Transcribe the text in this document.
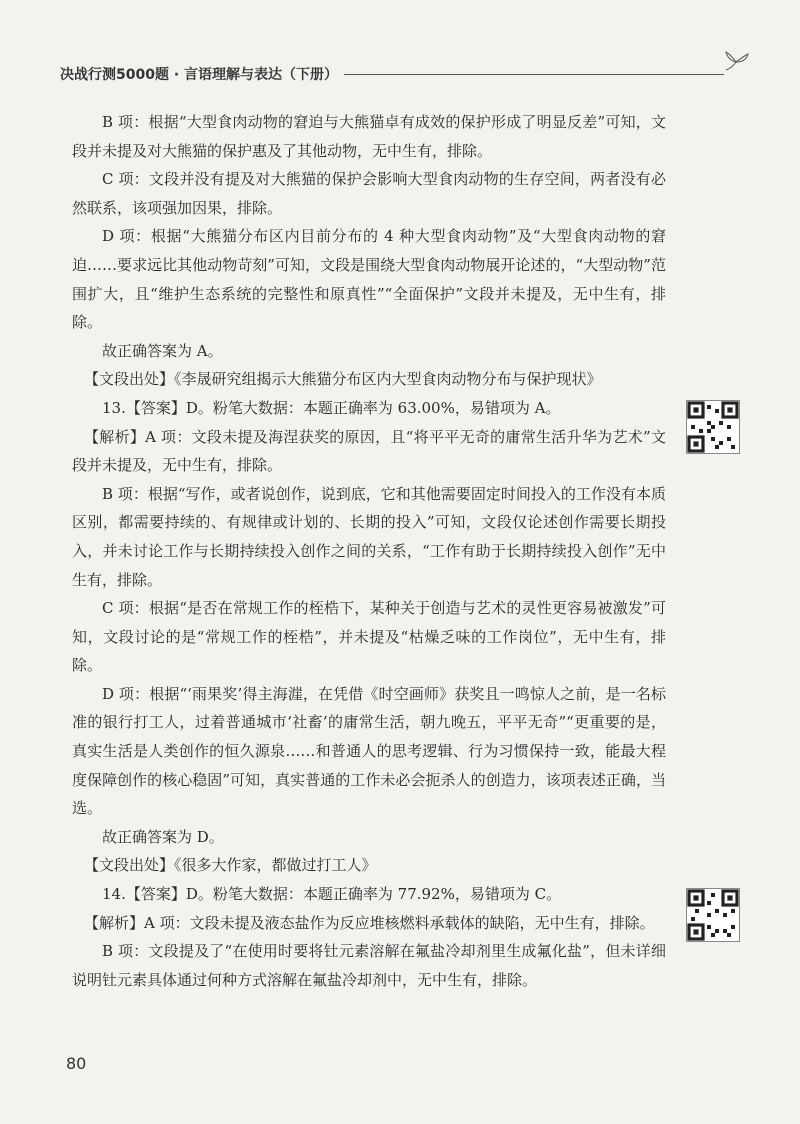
决战行测5000题 · 言语理解与表达（下册）

B 项：根据“大型食肉动物的窘迫与大熊猫卓有成效的保护形成了明显反差”可知，文段并未提及对大熊猫的保护惠及了其他动物，无中生有，排除。

C 项：文段并没有提及对大熊猫的保护会影响大型食肉动物的生存空间，两者没有必然联系，该项强加因果，排除。

D 项：根据“大熊猫分布区内目前分布的 4 种大型食肉动物”及“大型食肉动物的窘迫……要求远比其他动物苛刻”可知，文段是围绕大型食肉动物展开论述的，“大型动物”范围扩大，且“维护生态系统的完整性和原真性”“全面保护”文段并未提及，无中生有，排除。

故正确答案为 A。

【文段出处】《李晟研究组揭示大熊猫分布区内大型食肉动物分布与保护现状》

13.【答案】D。粉笔大数据：本题正确率为 63.00%，易错项为 A。

【解析】A 项：文段未提及海涅获奖的原因，且“将平平无奇的庸常生活升华为艺术”文段并未提及，无中生有，排除。

B 项：根据“写作，或者说创作，说到底，它和其他需要固定时间投入的工作没有本质区别，都需要持续的、有规律或计划的、长期的投入”可知，文段仅论述创作需要长期投入，并未讨论工作与长期持续投入创作之间的关系，“工作有助于长期持续投入创作”无中生有，排除。

C 项：根据“是否在常规工作的桎梏下，某种关于创造与艺术的灵性更容易被激发”可知，文段讨论的是“常规工作的桎梏”，并未提及“枯燥乏味的工作岗位”，无中生有，排除。

D 项：根据“‘雨果奖’得主海漄，在凭借《时空画师》获奖且一鸣惊人之前，是一名标准的银行打工人，过着普通城市‘社畜’的庸常生活，朝九晚五，平平无奇”“更重要的是，真实生活是人类创作的恒久源泉……和普通人的思考逻辑、行为习惯保持一致，能最大程度保障创作的核心稳固”可知，真实普通的工作未必会扼杀人的创造力，该项表述正确，当选。

故正确答案为 D。

【文段出处】《很多大作家，都做过打工人》

14.【答案】D。粉笔大数据：本题正确率为 77.92%，易错项为 C。

【解析】A 项：文段未提及液态盐作为反应堆核燃料承载体的缺陷，无中生有，排除。

B 项：文段提及了“在使用时要将钍元素溶解在氟盐冷却剂里生成氟化盐”，但未详细说明钍元素具体通过何种方式溶解在氟盐冷却剂中，无中生有，排除。

80
